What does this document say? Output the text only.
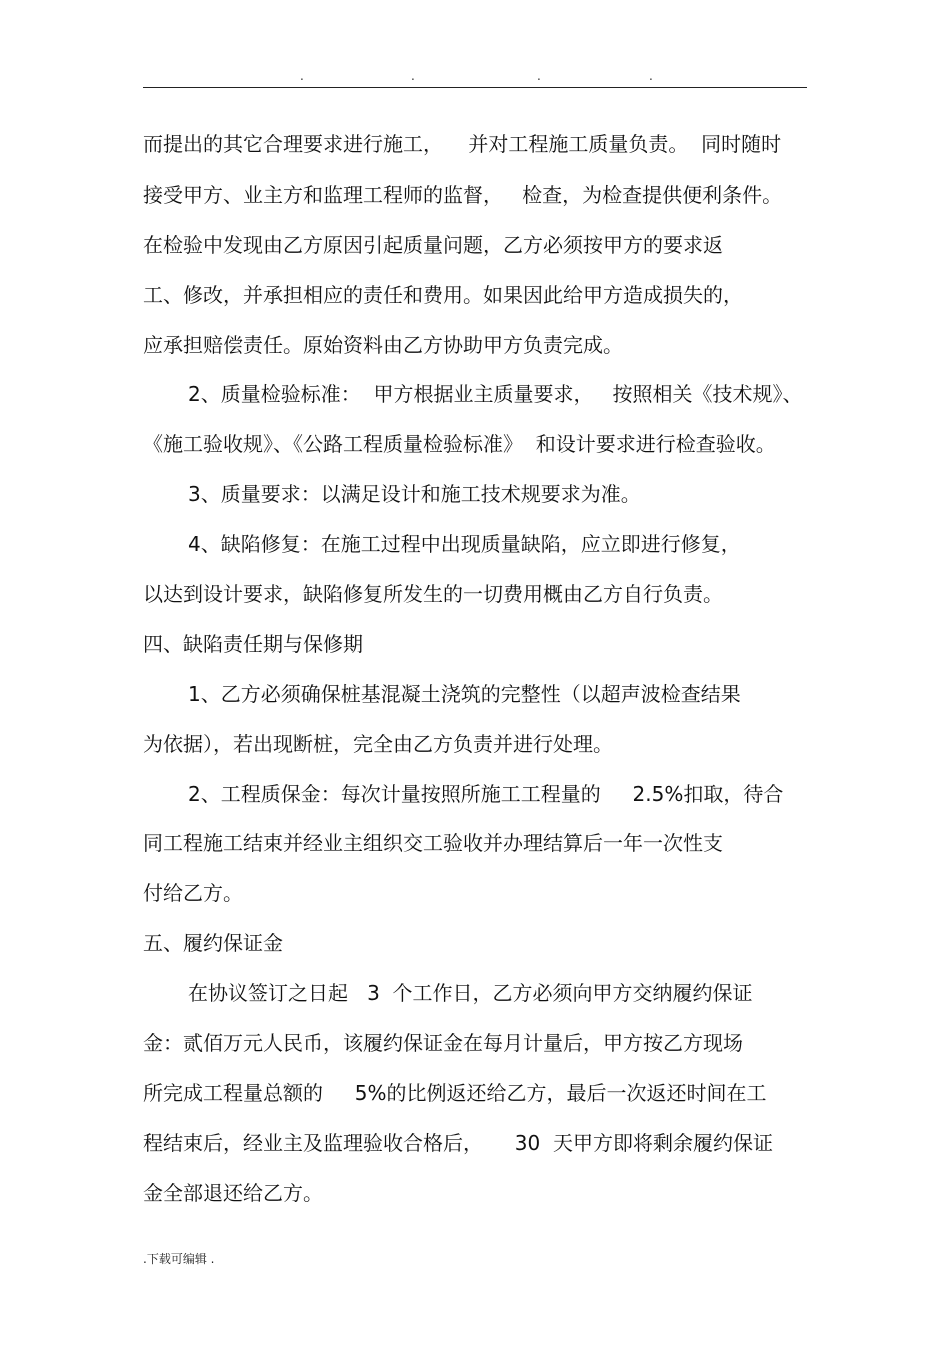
.	.	.	.
而提出的其它合理要求进行施工，    并对工程施工质量负责。  同时随时
接受甲方、业主方和监理工程师的监督，   检查，为检查提供便利条件。
在检验中发现由乙方原因引起质量问题，乙方必须按甲方的要求返
工、修改，并承担相应的责任和费用。如果因此给甲方造成损失的，
应承担赔偿责任。原始资料由乙方协助甲方负责完成。
2、质量检验标准：  甲方根据业主质量要求，   按照相关《技术规》、
《施工验收规》、《公路工程质量检验标准》  和设计要求进行检查验收。
3、质量要求：以满足设计和施工技术规要求为准。
4、缺陷修复：在施工过程中出现质量缺陷，应立即进行修复，
以达到设计要求，缺陷修复所发生的一切费用概由乙方自行负责。
四、缺陷责任期与保修期
1、乙方必须确保桩基混凝土浇筑的完整性（以超声波检查结果
为依据），若出现断桩，完全由乙方负责并进行处理。
2、工程质保金：每次计量按照所施工工程量的     2.5%扣取，待合
同工程施工结束并经业主组织交工验收并办理结算后一年一次性支
付给乙方。
五、履约保证金
在协议签订之日起   3  个工作日，乙方必须向甲方交纳履约保证
金：贰佰万元人民币，该履约保证金在每月计量后，甲方按乙方现场
所完成工程量总额的     5%的比例返还给乙方，最后一次返还时间在工
程结束后，经业主及监理验收合格后，     30  天甲方即将剩余履约保证
金全部退还给乙方。
.下载可编辑 .
